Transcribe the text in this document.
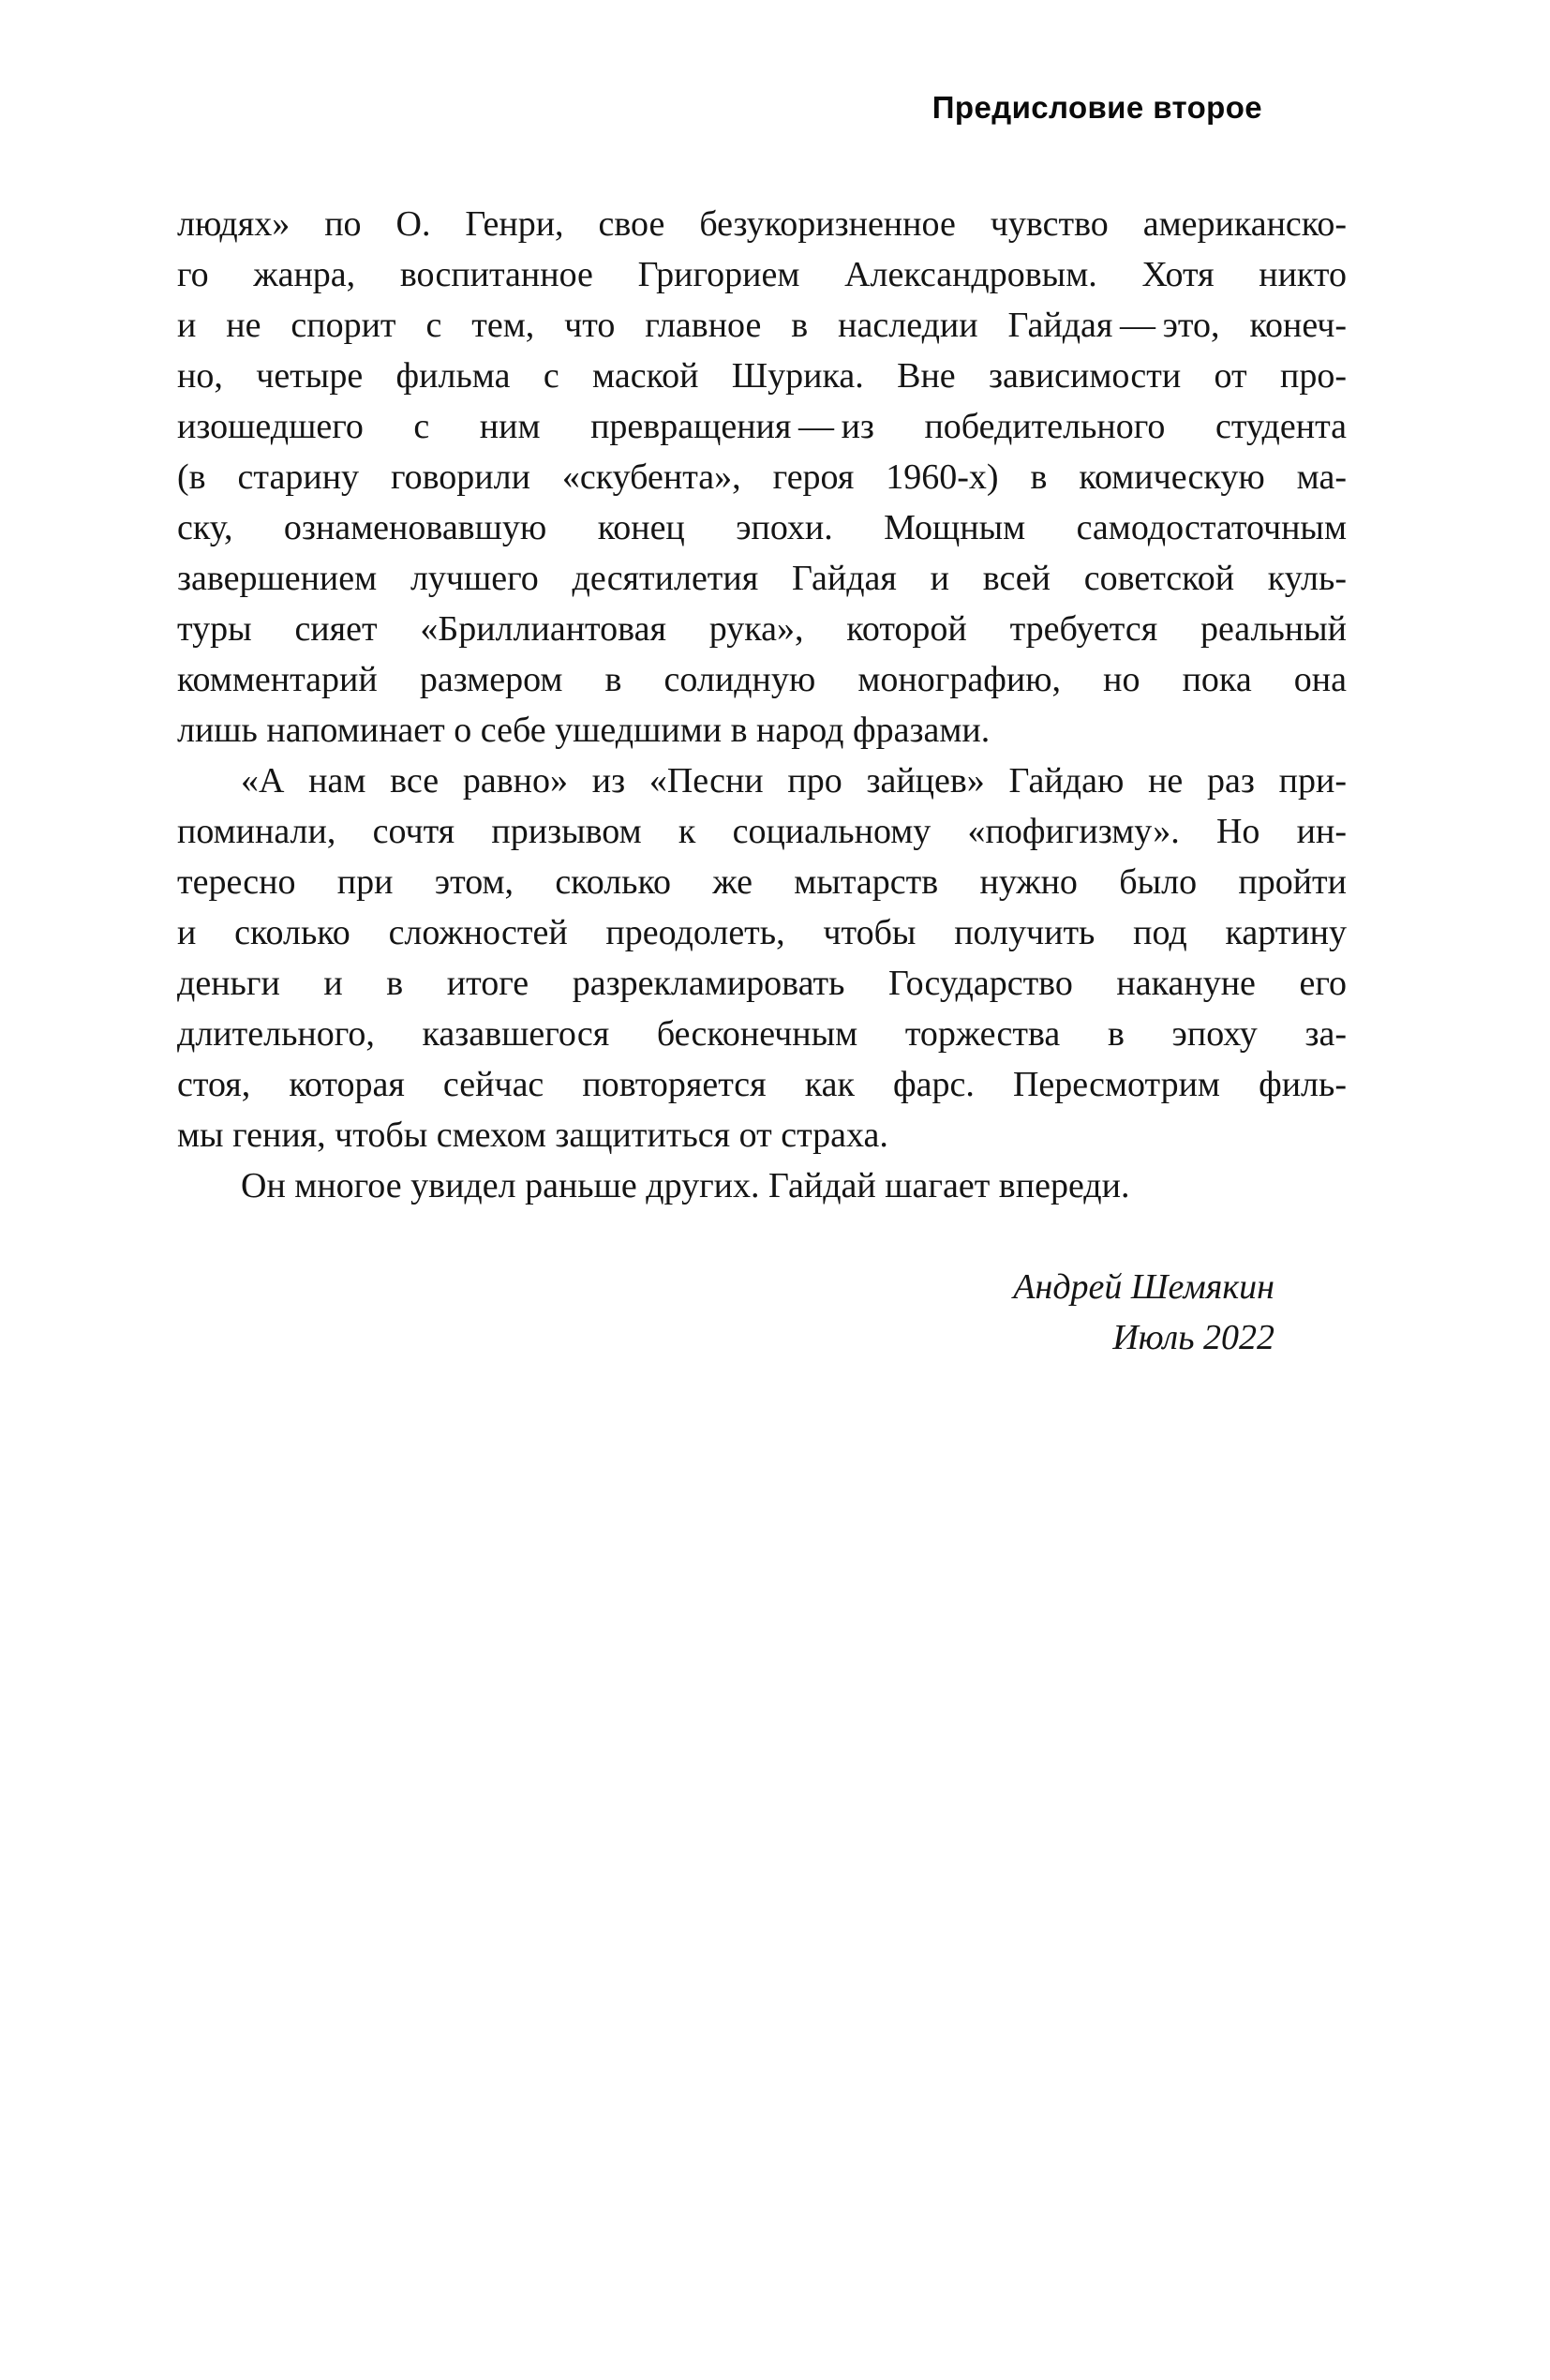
Предисловие второе
людях» по О. Генри, свое безукоризненное чувство американско-
го жанра, воспитанное Григорием Александровым. Хотя никто
и не спорит с тем, что главное в наследии Гайдая — это, конеч-
но, четыре фильма с маской Шурика. Вне зависимости от про-
изошедшего с ним превращения — из победительного студента
(в старину говорили «скубента», героя 1960-х) в комическую ма-
ску, ознаменовавшую конец эпохи. Мощным самодостаточным
завершением лучшего десятилетия Гайдая и всей советской куль-
туры сияет «Бриллиантовая рука», которой требуется реальный
комментарий размером в солидную монографию, но пока она
лишь напоминает о себе ушедшими в народ фразами.
«А нам все равно» из «Песни про зайцев» Гайдаю не раз при-
поминали, сочтя призывом к социальному «пофигизму». Но ин-
тересно при этом, сколько же мытарств нужно было пройти
и сколько сложностей преодолеть, чтобы получить под картину
деньги и в итоге разрекламировать Государство накануне его
длительного, казавшегося бесконечным торжества в эпоху за-
стоя, которая сейчас повторяется как фарс. Пересмотрим филь-
мы гения, чтобы смехом защититься от страха.
Он многое увидел раньше других. Гайдай шагает впереди.
Андрей Шемякин
Июль 2022
